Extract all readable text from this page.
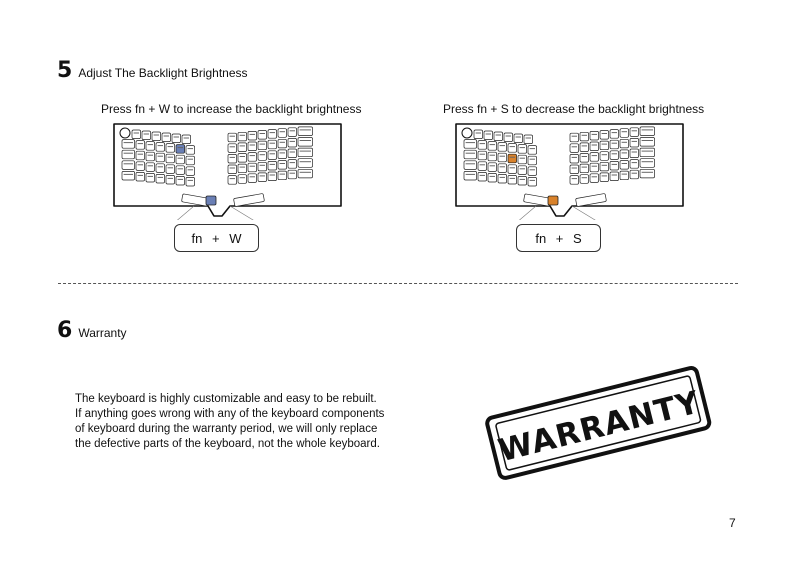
5 Adjust The Backlight Brightness
Press fn + W to increase the backlight brightness	Press fn + S to decrease the backlight brightness
fn + W	fn + S
6 Warranty
The keyboard is highly customizable and easy to be rebuilt.
If anything goes wrong with any of the keyboard components
of keyboard during the warranty period, we will only replace
the defective parts of the keyboard, not the whole keyboard.	WARRANTY
7
